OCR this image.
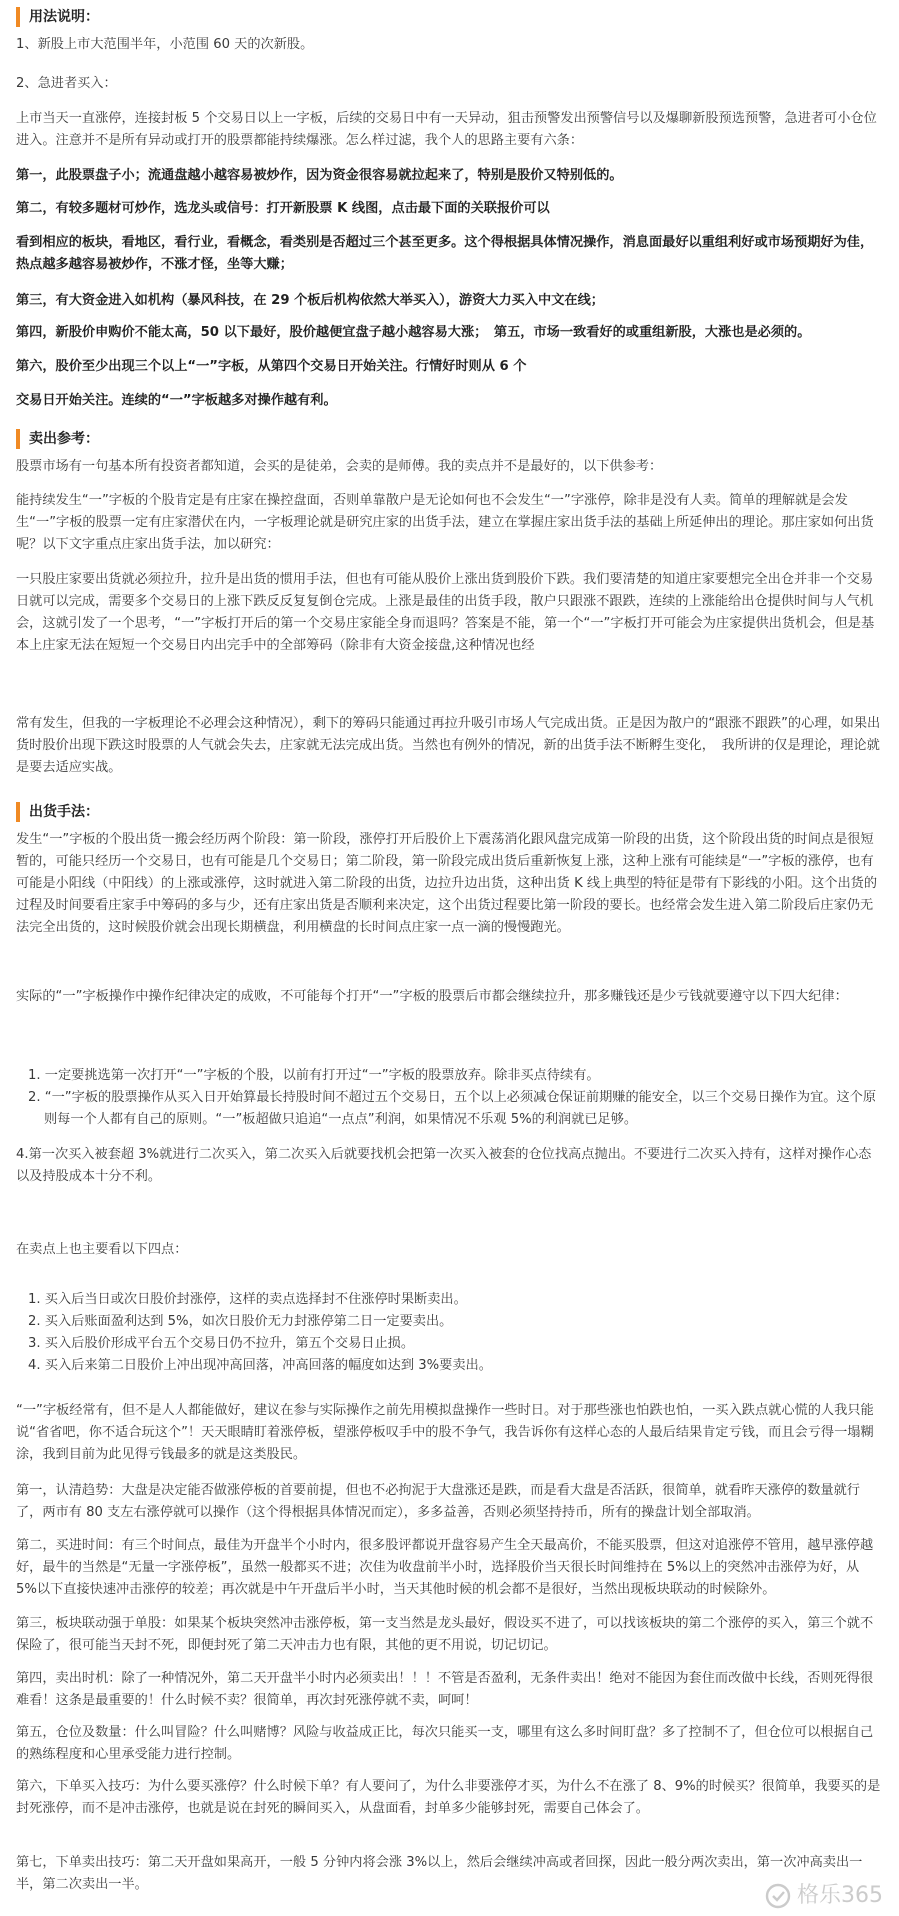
用法说明：

1、新股上市大范围半年，小范围 60 天的次新股。

2、急进者买入：

上市当天一直涨停，连接封板 5 个交易日以上一字板，后续的交易日中有一天异动，狙击预警发出预警信号以及爆聊新股预选预警，急进者可小仓位进入。注意并不是所有异动或打开的股票都能持续爆涨。怎么样过滤，我个人的思路主要有六条：

第一，此股票盘子小；流通盘越小越容易被炒作，因为资金很容易就拉起来了，特别是股价又特别低的。

第二，有较多题材可炒作，选龙头或信号：打开新股票 K 线图，点击最下面的关联报价可以

看到相应的板块，看地区，看行业，看概念，看类别是否超过三个甚至更多。这个得根据具体情况操作，消息面最好以重组利好或市场预期好为佳，热点越多越容易被炒作，不涨才怪，坐等大赚；

第三，有大资金进入如机构（暴风科技，在 29 个板后机构依然大举买入），游资大力买入中文在线；

第四，新股价申购价不能太高，50 以下最好，股价越便宜盘子越小越容易大涨；　第五，市场一致看好的或重组新股，大涨也是必须的。

第六，股价至少出现三个以上“一”字板，从第四个交易日开始关注。行情好时则从 6 个

交易日开始关注。连续的“一”字板越多对操作越有利。

卖出参考：

股票市场有一句基本所有投资者都知道，会买的是徒弟，会卖的是师傅。我的卖点并不是最好的，以下供参考：

能持续发生“一”字板的个股肯定是有庄家在操控盘面，否则单靠散户是无论如何也不会发生“一”字涨停，除非是没有人卖。简单的理解就是会发生“一”字板的股票一定有庄家潜伏在内，一字板理论就是研究庄家的出货手法，建立在掌握庄家出货手法的基础上所延伸出的理论。那庄家如何出货呢？以下文字重点庄家出货手法，加以研究：

一只股庄家要出货就必须拉升，拉升是出货的惯用手法，但也有可能从股价上涨出货到股价下跌。我们要清楚的知道庄家要想完全出仓并非一个交易日就可以完成，需要多个交易日的上涨下跌反反复复倒仓完成。上涨是最佳的出货手段，散户只跟涨不跟跌，连续的上涨能给出仓提供时间与人气机会，这就引发了一个思考，“一”字板打开后的第一个交易庄家能全身而退吗？答案是不能，第一个“一”字板打开可能会为庄家提供出货机会，但是基本上庄家无法在短短一个交易日内出完手中的全部筹码（除非有大资金接盘,这种情况也经

常有发生，但我的一字板理论不必理会这种情况），剩下的筹码只能通过再拉升吸引市场人气完成出货。正是因为散户的“跟涨不跟跌”的心理，如果出货时股价出现下跌这时股票的人气就会失去，庄家就无法完成出货。当然也有例外的情况，新的出货手法不断孵生变化，　我所讲的仅是理论，理论就是要去适应实战。

出货手法：

发生“一”字板的个股出货一搬会经历两个阶段：第一阶段，涨停打开后股价上下震荡消化跟风盘完成第一阶段的出货，这个阶段出货的时间点是很短暂的，可能只经历一个交易日，也有可能是几个交易日；第二阶段，第一阶段完成出货后重新恢复上涨，这种上涨有可能续是“一”字板的涨停，也有可能是小阳线（中阳线）的上涨或涨停，这时就进入第二阶段的出货，边拉升边出货，这种出货 K 线上典型的特征是带有下影线的小阳。这个出货的过程及时间要看庄家手中筹码的多与少，还有庄家出货是否顺利来决定，这个出货过程要比第一阶段的要长。也经常会发生进入第二阶段后庄家仍无法完全出货的，这时候股价就会出现长期横盘，利用横盘的长时间点庄家一点一滴的慢慢跑光。

实际的“一”字板操作中操作纪律决定的成败，不可能每个打开“一”字板的股票后市都会继续拉升，那多赚钱还是少亏钱就要遵守以下四大纪律：

1. 一定要挑选第一次打开“一”字板的个股，以前有打开过“一”字板的股票放弃。除非买点待续有。

2. “一”字板的股票操作从买入日开始算最长持股时间不超过五个交易日，五个以上必须减仓保证前期赚的能安全，以三个交易日操作为宜。这个原则每一个人都有自己的原则。“一”板超做只追追“一点点”利润，如果情况不乐观 5%的利润就已足够。

4.第一次买入被套超 3%就进行二次买入，第二次买入后就要找机会把第一次买入被套的仓位找高点抛出。不要进行二次买入持有，这样对操作心态以及持股成本十分不利。

在卖点上也主要看以下四点：

1. 买入后当日或次日股价封涨停，这样的卖点选择封不住涨停时果断卖出。

2. 买入后账面盈利达到 5%，如次日股价无力封涨停第二日一定要卖出。

3. 买入后股价形成平台五个交易日仍不拉升，第五个交易日止损。

4. 买入后来第二日股价上冲出现冲高回落，冲高回落的幅度如达到 3%要卖出。

“一”字板经常有，但不是人人都能做好，建议在参与实际操作之前先用模拟盘操作一些时日。对于那些涨也怕跌也怕，一买入跌点就心慌的人我只能说“省省吧，你不适合玩这个”！天天眼睛盯着涨停板，望涨停板叹手中的股不争气，我告诉你有这样心态的人最后结果肯定亏钱，而且会亏得一塌糊涂，我到目前为此见得亏钱最多的就是这类股民。

第一，认清趋势：大盘是决定能否做涨停板的首要前提，但也不必拘泥于大盘涨还是跌，而是看大盘是否活跃，很简单，就看昨天涨停的数量就行了，两市有 80 支左右涨停就可以操作（这个得根据具体情况而定），多多益善，否则必须坚持持币，所有的操盘计划全部取消。

第二，买进时间：有三个时间点，最佳为开盘半个小时内，很多股评都说开盘容易产生全天最高价，不能买股票，但这对追涨停不管用，越早涨停越好，最牛的当然是“无量一字涨停板”，虽然一般都买不进；次佳为收盘前半小时，选择股价当天很长时间维持在 5%以上的突然冲击涨停为好，从 5%以下直接快速冲击涨停的较差；再次就是中午开盘后半小时，当天其他时候的机会都不是很好，当然出现板块联动的时候除外。

第三，板块联动强于单股：如果某个板块突然冲击涨停板，第一支当然是龙头最好，假设买不进了，可以找该板块的第二个涨停的买入，第三个就不保险了，很可能当天封不死，即便封死了第二天冲击力也有限，其他的更不用说，切记切记。

第四，卖出时机：除了一种情况外，第二天开盘半小时内必须卖出！！！不管是否盈利，无条件卖出！绝对不能因为套住而改做中长线，否则死得很难看！这条是最重要的！什么时候不卖？很简单，再次封死涨停就不卖，呵呵！

第五，仓位及数量：什么叫冒险？什么叫赌博？风险与收益成正比，每次只能买一支，哪里有这么多时间盯盘？多了控制不了，但仓位可以根据自己的熟练程度和心里承受能力进行控制。

第六，下单买入技巧：为什么要买涨停？什么时候下单？有人要问了，为什么非要涨停才买，为什么不在涨了 8、9%的时候买？很简单，我要买的是封死涨停，而不是冲击涨停，也就是说在封死的瞬间买入，从盘面看，封单多少能够封死，需要自己体会了。

第七，下单卖出技巧：第二天开盘如果高开，一般 5 分钟内将会涨 3%以上，然后会继续冲高或者回探，因此一般分两次卖出，第一次冲高卖出一半，第二次卖出一半。	格乐365
